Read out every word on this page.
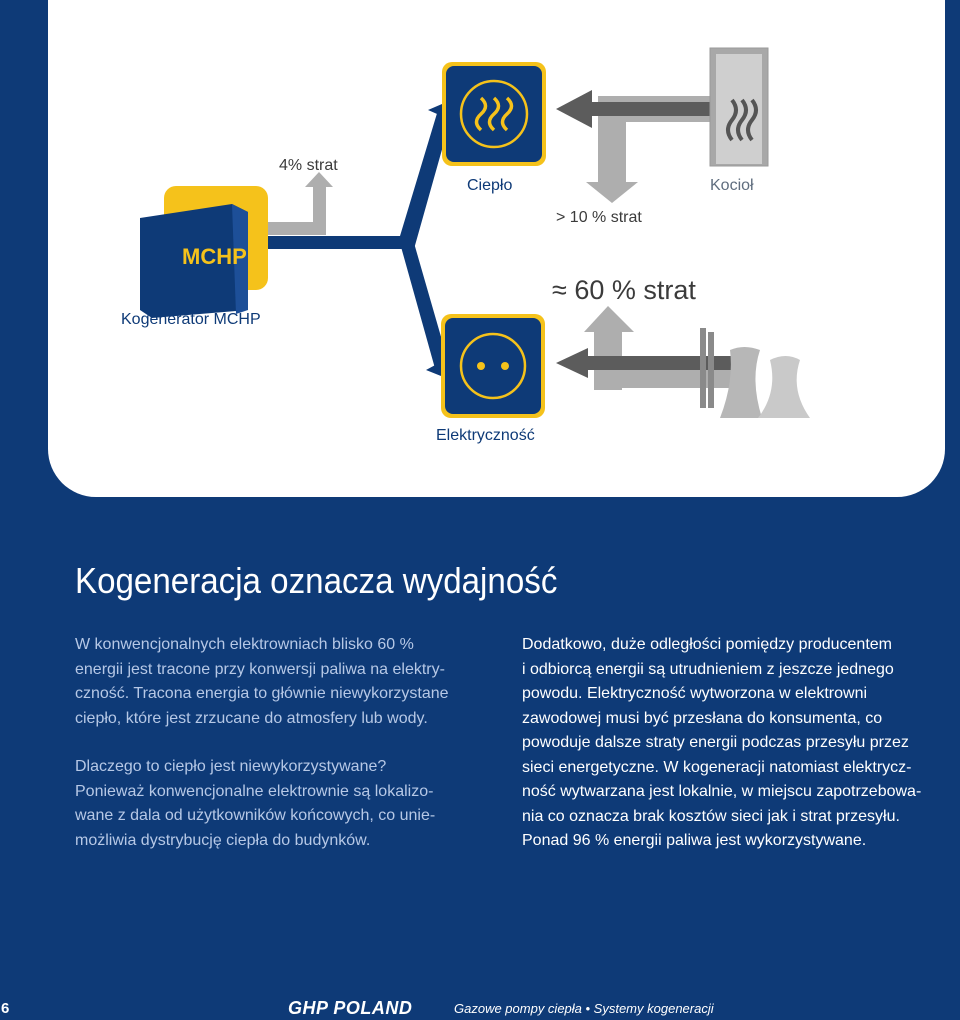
MCHP
4% strat
Ciepło	Kocioł
> 10 % strat
≈ 60 % strat
Kogenerator MCHP
Elektryczność
Kogeneracja oznacza wydajność

W konwencjonalnych elektrowniach blisko 60 %
energii jest tracone przy konwersji paliwa na elektry-
czność. Tracona energia to głównie niewykorzystane
ciepło, które jest zrzucane do atmosfery lub wody.

Dlaczego to ciepło jest niewykorzystywane?
Ponieważ konwencjonalne elektrownie są lokalizo-
wane z dala od użytkowników końcowych, co unie-
możliwia dystrybucję ciepła do budynków.

Dodatkowo, duże odległości pomiędzy producentem
i odbiorcą energii są utrudnieniem z jeszcze jednego
powodu. Elektryczność wytworzona w elektrowni
zawodowej musi być przesłana do konsumenta, co
powoduje dalsze straty energii podczas przesyłu przez
sieci energetyczne. W kogeneracji natomiast elektrycz-
ność wytwarzana jest lokalnie, w miejscu zapotrzebowa-
nia co oznacza brak kosztów sieci jak i strat przesyłu.
Ponad 96 % energii paliwa jest wykorzystywane.

6	GHP POLAND	Gazowe pompy ciepła • Systemy kogeneracji
